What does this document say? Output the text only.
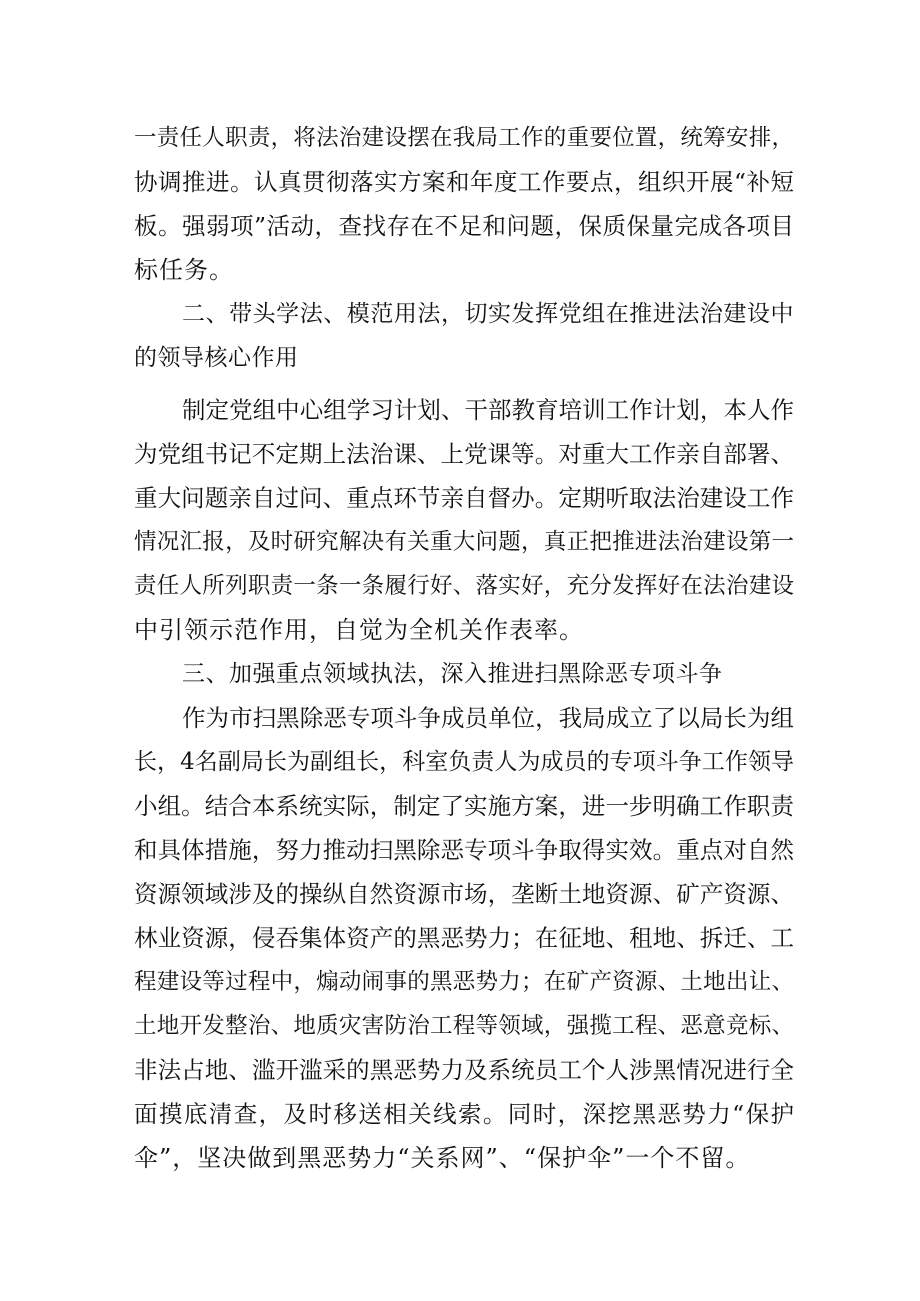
一责任人职责，将法治建设摆在我局工作的重要位置，统筹安排，
协调推进。认真贯彻落实方案和年度工作要点，组织开展“补短
板。强弱项”活动，查找存在不足和问题，保质保量完成各项目
标任务。
二、带头学法、模范用法，切实发挥党组在推进法治建设中
的领导核心作用
制定党组中心组学习计划、干部教育培训工作计划，本人作
为党组书记不定期上法治课、上党课等。对重大工作亲自部署、
重大问题亲自过问、重点环节亲自督办。定期听取法治建设工作
情况汇报，及时研究解决有关重大问题，真正把推进法治建设第一
责任人所列职责一条一条履行好、落实好，充分发挥好在法治建设
中引领示范作用，自觉为全机关作表率。
三、加强重点领域执法，深入推进扫黑除恶专项斗争
作为市扫黑除恶专项斗争成员单位，我局成立了以局长为组
长，4名副局长为副组长，科室负责人为成员的专项斗争工作领导
小组。结合本系统实际，制定了实施方案，进一步明确工作职责
和具体措施，努力推动扫黑除恶专项斗争取得实效。重点对自然
资源领域涉及的操纵自然资源市场，垄断土地资源、矿产资源、
林业资源，侵吞集体资产的黑恶势力；在征地、租地、拆迁、工
程建设等过程中，煽动闹事的黑恶势力；在矿产资源、土地出让、
土地开发整治、地质灾害防治工程等领域，强揽工程、恶意竞标、
非法占地、滥开滥采的黑恶势力及系统员工个人涉黑情况进行全
面摸底清查，及时移送相关线索。同时，深挖黑恶势力“保护
伞”，坚决做到黑恶势力“关系网”、“保护伞”一个不留。
